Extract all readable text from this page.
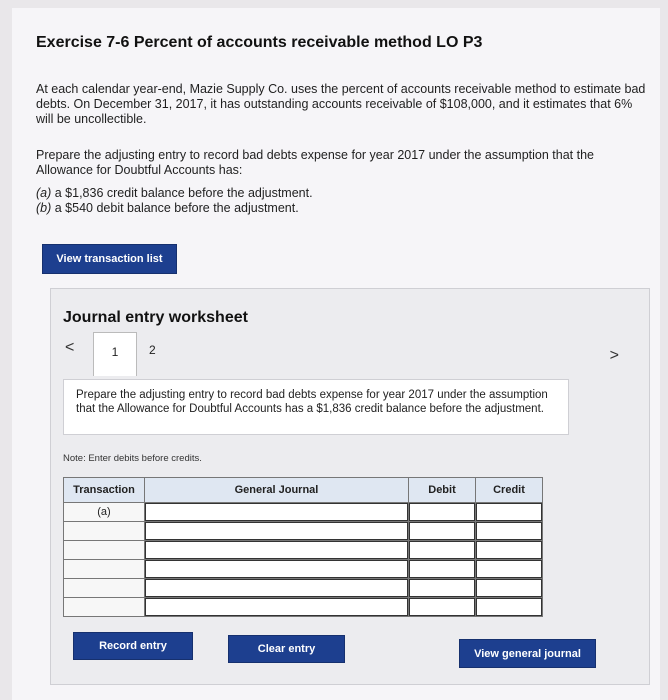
Exercise 7-6 Percent of accounts receivable method LO P3
At each calendar year-end, Mazie Supply Co. uses the percent of accounts receivable method to estimate bad debts. On December 31, 2017, it has outstanding accounts receivable of $108,000, and it estimates that 6% will be uncollectible.
Prepare the adjusting entry to record bad debts expense for year 2017 under the assumption that the Allowance for Doubtful Accounts has:
(a) a $1,836 credit balance before the adjustment.
(b) a $540 debit balance before the adjustment.
View transaction list
Journal entry worksheet
<	1	2	>
Prepare the adjusting entry to record bad debts expense for year 2017 under the assumption that the Allowance for Doubtful Accounts has a $1,836 credit balance before the adjustment.
Note: Enter debits before credits.
Transaction	General Journal	Debit	Credit
(a)			

Record entry	Clear entry	View general journal
